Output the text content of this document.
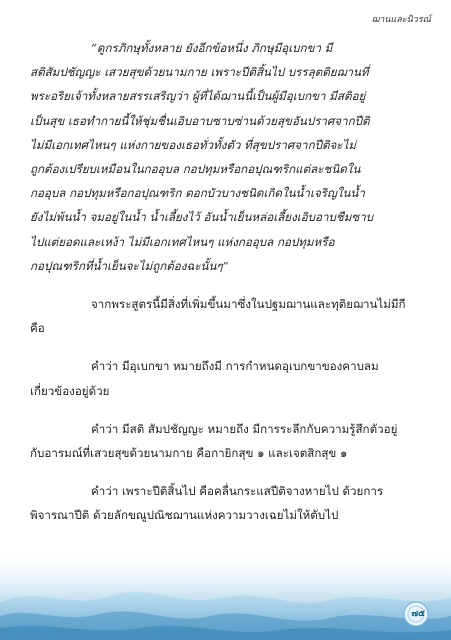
ฌานและนิวรณ์

“ดูกรภิกษุทั้งหลาย ยังอีกข้อหนึ่ง ภิกษุมีอุเบกขา มี

สติสัมปชัญญะ เสวยสุขด้วยนามกาย เพราะปีติสิ้นไป บรรลุตติยฌานที่

พระอริยเจ้าทั้งหลายสรรเสริญว่า ผู้ที่ได้ฌานนี้เป็นผู้มีอุเบกขา มีสติอยู่

เป็นสุข เธอทำกายนี้ให้ชุ่มชื่นเอิบอาบซาบซ่านด้วยสุขอันปราศจากปีติ

ไม่มีเอกเทศไหนๆ แห่งกายของเธอทั่วทั้งตัว ที่สุขปราศจากปีติจะไม่

ถูกต้องเปรียบเหมือนในกออุบล กอปทุมหรือกอปุณฑริกแต่ละชนิดใน

กออุบล กอปทุมหรือกอปุณฑริก ดอกบัวบางชนิดเกิดในน้ำเจริญในน้ำ

ยังไม่พ้นน้ำ จมอยู่ในน้ำ น้ำเลี้ยงไว้ อันน้ำเย็นหล่อเลี้ยงเอิบอาบชืมซาบ

ไปแต่ยอดและเหง้า ไม่มีเอกเทศไหนๆ แห่งกออุบล กอปทุมหรือ

กอปุณฑริกที่น้ำเย็นจะไม่ถูกต้องฉะนั้นๆ”

จากพระสูตรนี้มีสิ่งที่เพิ่มขึ้นมาซึ่งในปฐมฌานและทุติยฌานไม่มีกี

คือ

คำว่า มีอุเบกขา หมายถึงมี การกำหนดอุเบกขาของคาบลม

เกี่ยวข้องอยู่ด้วย

คำว่า มีสติ สัมปชัญญะ หมายถึง มีการระลึกกับความรู้สึกตัวอยู่

กับอารมณ์ที่เสวยสุขด้วยนามกาย คือกายิกสุข ๑ และเจตสิกสุข ๑

คำว่า เพราะปีติสิ้นไป คือคลื่นกระแสปีติจางหายไป ด้วยการ

พิจารณาปีติ ด้วยลักขณูปณิชฌานแห่งความวางเฉยไม่ให้ตับไป

๗๕
